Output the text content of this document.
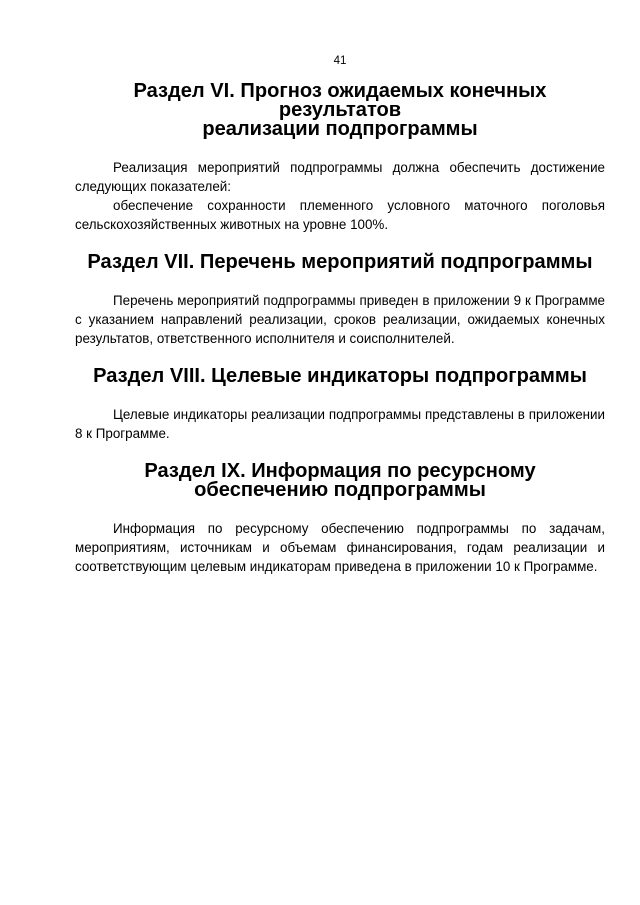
41
Раздел VI. Прогноз ожидаемых конечных результатов
реализации подпрограммы

Реализация мероприятий подпрограммы должна обеспечить достижение следующих показателей:

обеспечение сохранности племенного условного маточного поголовья сельскохозяйственных животных на уровне 100%.

Раздел VII. Перечень мероприятий подпрограммы

Перечень мероприятий подпрограммы приведен в приложении 9 к Программе с указанием направлений реализации, сроков реализации, ожидаемых конечных результатов, ответственного исполнителя и соисполнителей.

Раздел VIII. Целевые индикаторы подпрограммы

Целевые индикаторы реализации подпрограммы представлены в приложении 8 к Программе.

Раздел IX. Информация по ресурсному обеспечению подпрограммы

Информация по ресурсному обеспечению подпрограммы по задачам, мероприятиям, источникам и объемам финансирования, годам реализации и соответствующим целевым индикаторам приведена в приложении 10 к Программе.
